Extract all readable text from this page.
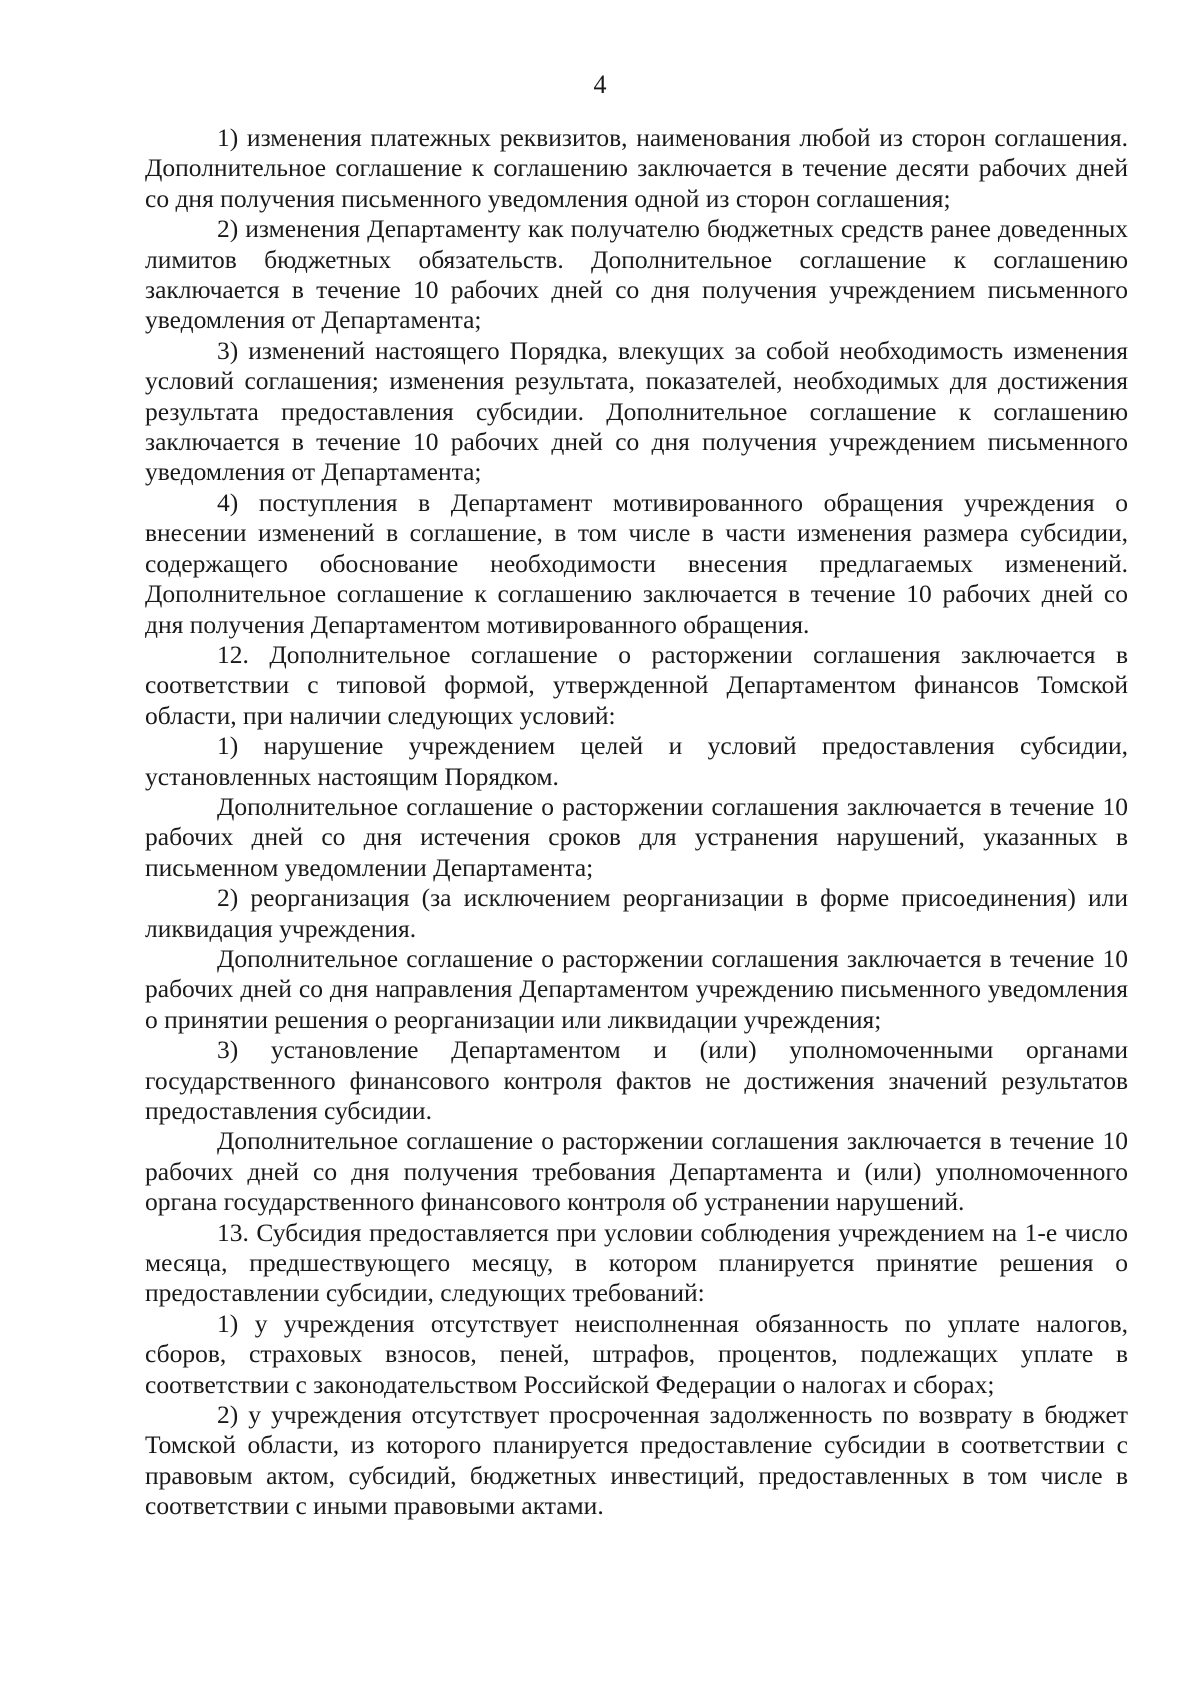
4

1) изменения платежных реквизитов, наименования любой из сторон соглашения. Дополнительное соглашение к соглашению заключается в течение десяти рабочих дней со дня получения письменного уведомления одной из сторон соглашения;

2) изменения Департаменту как получателю бюджетных средств ранее доведенных лимитов бюджетных обязательств. Дополнительное соглашение к соглашению заключается в течение 10 рабочих дней со дня получения учреждением письменного уведомления от Департамента;

3) изменений настоящего Порядка, влекущих за собой необходимость изменения условий соглашения; изменения результата, показателей, необходимых для достижения результата предоставления субсидии. Дополнительное соглашение к соглашению заключается в течение 10 рабочих дней со дня получения учреждением письменного уведомления от Департамента;

4) поступления в Департамент мотивированного обращения учреждения о внесении изменений в соглашение, в том числе в части изменения размера субсидии, содержащего обоснование необходимости внесения предлагаемых изменений. Дополнительное соглашение к соглашению заключается в течение 10 рабочих дней со дня получения Департаментом мотивированного обращения.

12. Дополнительное соглашение о расторжении соглашения заключается в соответствии с типовой формой, утвержденной Департаментом финансов Томской области, при наличии следующих условий:

1) нарушение учреждением целей и условий предоставления субсидии, установленных настоящим Порядком.

Дополнительное соглашение о расторжении соглашения заключается в течение 10 рабочих дней со дня истечения сроков для устранения нарушений, указанных в письменном уведомлении Департамента;

2) реорганизация (за исключением реорганизации в форме присоединения) или ликвидация учреждения.

Дополнительное соглашение о расторжении соглашения заключается в течение 10 рабочих дней со дня направления Департаментом учреждению письменного уведомления о принятии решения о реорганизации или ликвидации учреждения;

3) установление Департаментом и (или) уполномоченными органами государственного финансового контроля фактов не достижения значений результатов предоставления субсидии.

Дополнительное соглашение о расторжении соглашения заключается в течение 10 рабочих дней со дня получения требования Департамента и (или) уполномоченного органа государственного финансового контроля об устранении нарушений.

13. Субсидия предоставляется при условии соблюдения учреждением на 1-е число месяца, предшествующего месяцу, в котором планируется принятие решения о предоставлении субсидии, следующих требований:

1) у учреждения отсутствует неисполненная обязанность по уплате налогов, сборов, страховых взносов, пеней, штрафов, процентов, подлежащих уплате в соответствии с законодательством Российской Федерации о налогах и сборах;

2) у учреждения отсутствует просроченная задолженность по возврату в бюджет Томской области, из которого планируется предоставление субсидии в соответствии с правовым актом, субсидий, бюджетных инвестиций, предоставленных в том числе в соответствии с иными правовыми актами.
